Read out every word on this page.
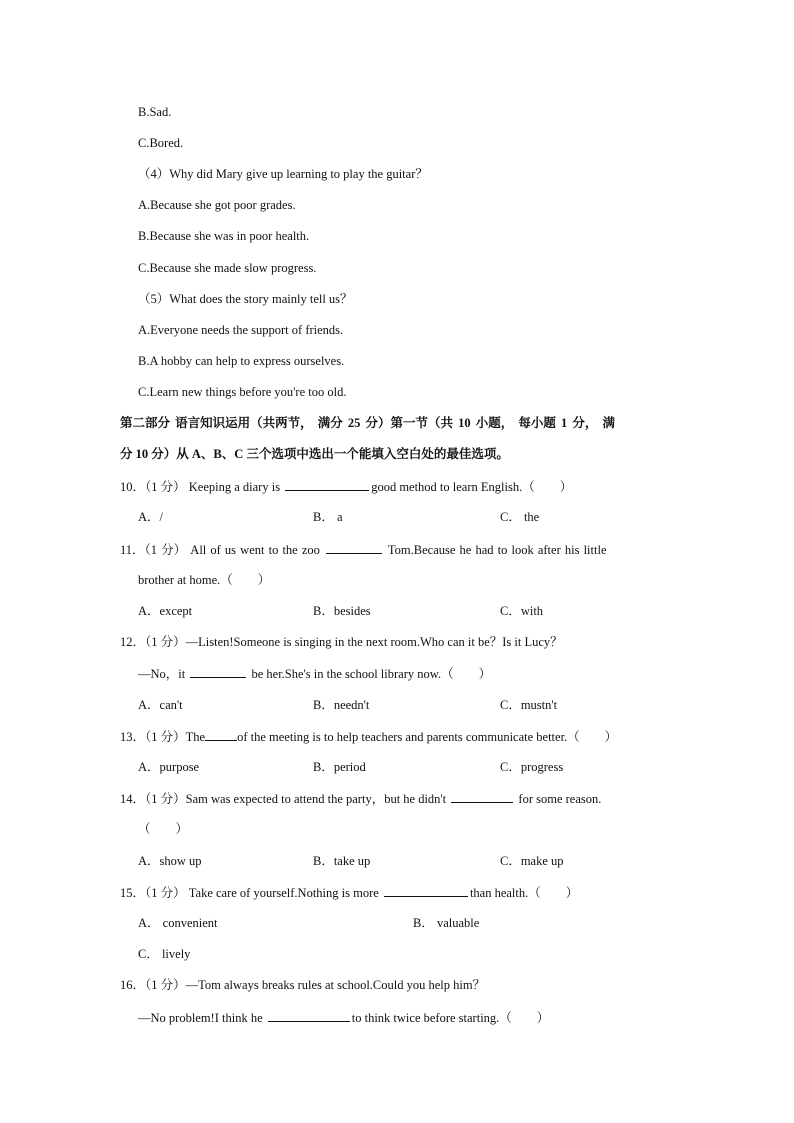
B.Sad.
C.Bored.
（4）Why did Mary give up learning to play the guitar？
A.Because she got poor grades.
B.Because she was in poor health.
C.Because she made slow progress.
（5）What does the story mainly tell us？
A.Everyone needs the support of friends.
B.A hobby can help to express ourselves.
C.Learn new things before you're too old.
第二部分 语言知识运用（共两节， 满分 25 分）第一节（共 10 小题， 每小题 1 分， 满
分 10 分）从 A、B、C 三个选项中选出一个能填入空白处的最佳选项。
10．（1 分） Keeping a diary is	good method to learn English.（　　）
A．/	B． a	C． the
11．（1 分） All of us went to the zoo	Tom.Because he had to look after his little
brother at home.（　　）
A．except	B．besides	C．with
12．（1 分）—Listen!Someone is singing in the next room.Who can it be？Is it Lucy？
—No，it	be her.She's in the school library now.（　　）
A．can't	B．needn't	C．mustn't
13．（1 分）The	of the meeting is to help teachers and parents communicate better.（　　）
A．purpose	B．period	C．progress
14．（1 分）Sam was expected to attend the party，but he didn't	for some reason.
（　　）
A．show up	B．take up	C．make up
15．（1 分） Take care of yourself.Nothing is more	than health.（　　）
A． convenient	B． valuable
C． lively
16．（1 分）—Tom always breaks rules at school.Could you help him？
—No problem!I think he	to think twice before starting.（　　）
